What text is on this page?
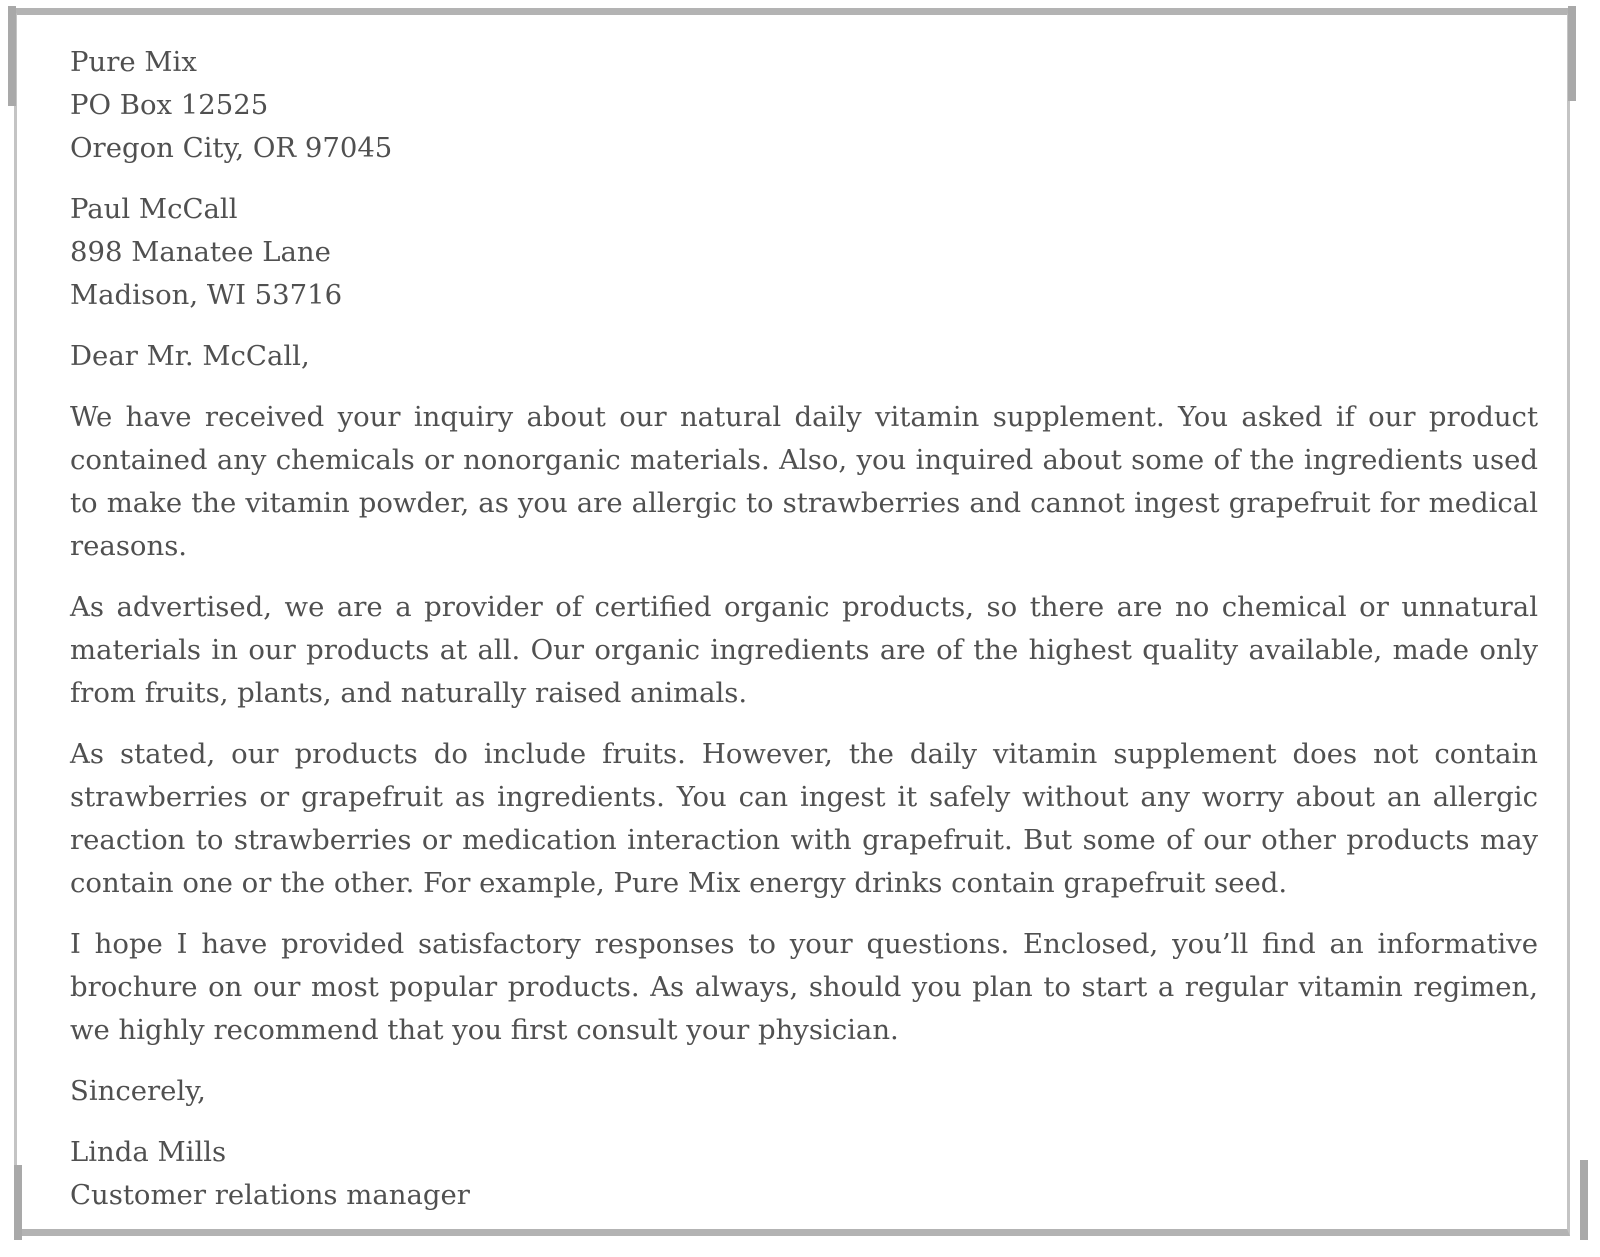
Pure Mix
PO Box 12525
Oregon City, OR 97045
Paul McCall
898 Manatee Lane
Madison, WI 53716

Dear Mr. McCall,

We have received your inquiry about our natural daily vitamin supplement. You asked if our product contained any chemicals or nonorganic materials. Also, you inquired about some of the ingredients used to make the vitamin powder, as you are allergic to strawberries and cannot ingest grapefruit for medical reasons.

As advertised, we are a provider of certified organic products, so there are no chemical or unnatural materials in our products at all. Our organic ingredients are of the highest quality available, made only from fruits, plants, and naturally raised animals.

As stated, our products do include fruits. However, the daily vitamin supplement does not contain strawberries or grapefruit as ingredients. You can ingest it safely without any worry about an allergic reaction to strawberries or medication interaction with grapefruit. But some of our other products may contain one or the other. For example, Pure Mix energy drinks contain grapefruit seed.

I hope I have provided satisfactory responses to your questions. Enclosed, you’ll find an informative brochure on our most popular products. As always, should you plan to start a regular vitamin regimen, we highly recommend that you first consult your physician.

Sincerely,

Linda Mills
Customer relations manager
